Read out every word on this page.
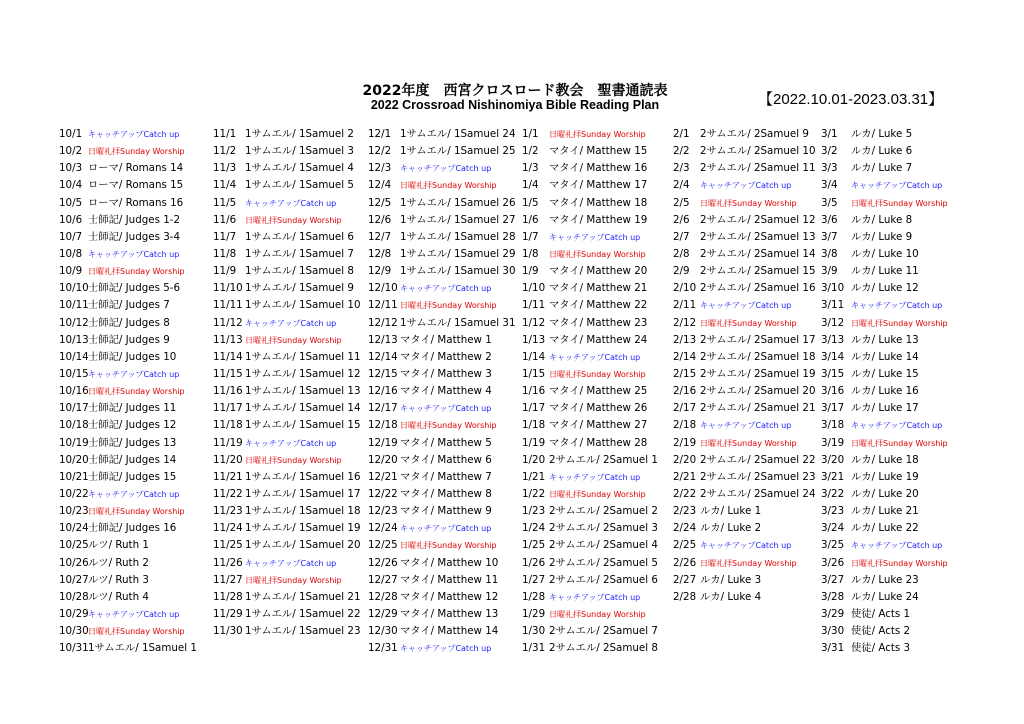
2022年度　西宮クロスロード教会　聖書通読表
2022 Crossroad Nishinomiya Bible Reading Plan	【2022.10.01-2023.03.31】
10/1 キャッチアップCatch up
10/2 日曜礼拝Sunday Worship
10/3 ローマ/ Romans 14
10/4 ローマ/ Romans 15
10/5 ローマ/ Romans 16
10/6 士師記/ Judges 1-2
10/7 士師記/ Judges 3-4
10/8 キャッチアップCatch up
10/9 日曜礼拝Sunday Worship
10/10士師記/ Judges 5-6
10/11士師記/ Judges 7
10/12士師記/ Judges 8
10/13士師記/ Judges 9
10/14士師記/ Judges 10
10/15キャッチアップCatch up
10/16日曜礼拝Sunday Worship
10/17士師記/ Judges 11
10/18士師記/ Judges 12
10/19士師記/ Judges 13
10/20士師記/ Judges 14
10/21士師記/ Judges 15
10/22キャッチアップCatch up
10/23日曜礼拝Sunday Worship
10/24士師記/ Judges 16
10/25ルツ/ Ruth 1
10/26ルツ/ Ruth 2
10/27ルツ/ Ruth 3
10/28ルツ/ Ruth 4
10/29キャッチアップCatch up
10/30日曜礼拝Sunday Worship
10/311サムエル/ 1Samuel 1
11/1 1サムエル/ 1Samuel 2
11/2 1サムエル/ 1Samuel 3
11/3 1サムエル/ 1Samuel 4
11/4 1サムエル/ 1Samuel 5
11/5 キャッチアップCatch up
11/6 日曜礼拝Sunday Worship
11/7 1サムエル/ 1Samuel 6
11/8 1サムエル/ 1Samuel 7
11/9 1サムエル/ 1Samuel 8
11/10 1サムエル/ 1Samuel 9
11/11 1サムエル/ 1Samuel 10
11/12 キャッチアップCatch up
11/13 日曜礼拝Sunday Worship
11/14 1サムエル/ 1Samuel 11
11/15 1サムエル/ 1Samuel 12
11/16 1サムエル/ 1Samuel 13
11/17 1サムエル/ 1Samuel 14
11/18 1サムエル/ 1Samuel 15
11/19 キャッチアップCatch up
11/20 日曜礼拝Sunday Worship
11/21 1サムエル/ 1Samuel 16
11/22 1サムエル/ 1Samuel 17
11/23 1サムエル/ 1Samuel 18
11/24 1サムエル/ 1Samuel 19
11/25 1サムエル/ 1Samuel 20
11/26 キャッチアップCatch up
11/27 日曜礼拝Sunday Worship
11/28 1サムエル/ 1Samuel 21
11/29 1サムエル/ 1Samuel 22
11/30 1サムエル/ 1Samuel 23
12/1 1サムエル/ 1Samuel 24
12/2 1サムエル/ 1Samuel 25
12/3 キャッチアップCatch up
12/4 日曜礼拝Sunday Worship
12/5 1サムエル/ 1Samuel 26
12/6 1サムエル/ 1Samuel 27
12/7 1サムエル/ 1Samuel 28
12/8 1サムエル/ 1Samuel 29
12/9 1サムエル/ 1Samuel 30
12/10 キャッチアップCatch up
12/11 日曜礼拝Sunday Worship
12/12 1サムエル/ 1Samuel 31
12/13 マタイ/ Matthew 1
12/14 マタイ/ Matthew 2
12/15 マタイ/ Matthew 3
12/16 マタイ/ Matthew 4
12/17 キャッチアップCatch up
12/18 日曜礼拝Sunday Worship
12/19 マタイ/ Matthew 5
12/20 マタイ/ Matthew 6
12/21 マタイ/ Matthew 7
12/22 マタイ/ Matthew 8
12/23 マタイ/ Matthew 9
12/24 キャッチアップCatch up
12/25 日曜礼拝Sunday Worship
12/26 マタイ/ Matthew 10
12/27 マタイ/ Matthew 11
12/28 マタイ/ Matthew 12
12/29 マタイ/ Matthew 13
12/30 マタイ/ Matthew 14
12/31 キャッチアップCatch up
1/1 日曜礼拝Sunday Worship
1/2 マタイ/ Matthew 15
1/3 マタイ/ Matthew 16
1/4 マタイ/ Matthew 17
1/5 マタイ/ Matthew 18
1/6 マタイ/ Matthew 19
1/7 キャッチアップCatch up
1/8 日曜礼拝Sunday Worship
1/9 マタイ/ Matthew 20
1/10 マタイ/ Matthew 21
1/11 マタイ/ Matthew 22
1/12 マタイ/ Matthew 23
1/13 マタイ/ Matthew 24
1/14 キャッチアップCatch up
1/15 日曜礼拝Sunday Worship
1/16 マタイ/ Matthew 25
1/17 マタイ/ Matthew 26
1/18 マタイ/ Matthew 27
1/19 マタイ/ Matthew 28
1/20 2サムエル/ 2Samuel 1
1/21 キャッチアップCatch up
1/22 日曜礼拝Sunday Worship
1/23 2サムエル/ 2Samuel 2
1/24 2サムエル/ 2Samuel 3
1/25 2サムエル/ 2Samuel 4
1/26 2サムエル/ 2Samuel 5
1/27 2サムエル/ 2Samuel 6
1/28 キャッチアップCatch up
1/29 日曜礼拝Sunday Worship
1/30 2サムエル/ 2Samuel 7
1/31 2サムエル/ 2Samuel 8
2/1 2サムエル/ 2Samuel 9
2/2 2サムエル/ 2Samuel 10
2/3 2サムエル/ 2Samuel 11
2/4 キャッチアップCatch up
2/5 日曜礼拝Sunday Worship
2/6 2サムエル/ 2Samuel 12
2/7 2サムエル/ 2Samuel 13
2/8 2サムエル/ 2Samuel 14
2/9 2サムエル/ 2Samuel 15
2/10 2サムエル/ 2Samuel 16
2/11 キャッチアップCatch up
2/12 日曜礼拝Sunday Worship
2/13 2サムエル/ 2Samuel 17
2/14 2サムエル/ 2Samuel 18
2/15 2サムエル/ 2Samuel 19
2/16 2サムエル/ 2Samuel 20
2/17 2サムエル/ 2Samuel 21
2/18 キャッチアップCatch up
2/19 日曜礼拝Sunday Worship
2/20 2サムエル/ 2Samuel 22
2/21 2サムエル/ 2Samuel 23
2/22 2サムエル/ 2Samuel 24
2/23 ルカ/ Luke 1
2/24 ルカ/ Luke 2
2/25 キャッチアップCatch up
2/26 日曜礼拝Sunday Worship
2/27 ルカ/ Luke 3
2/28 ルカ/ Luke 4
3/1 ルカ/ Luke 5
3/2 ルカ/ Luke 6
3/3 ルカ/ Luke 7
3/4 キャッチアップCatch up
3/5 日曜礼拝Sunday Worship
3/6 ルカ/ Luke 8
3/7 ルカ/ Luke 9
3/8 ルカ/ Luke 10
3/9 ルカ/ Luke 11
3/10 ルカ/ Luke 12
3/11 キャッチアップCatch up
3/12 日曜礼拝Sunday Worship
3/13 ルカ/ Luke 13
3/14 ルカ/ Luke 14
3/15 ルカ/ Luke 15
3/16 ルカ/ Luke 16
3/17 ルカ/ Luke 17
3/18 キャッチアップCatch up
3/19 日曜礼拝Sunday Worship
3/20 ルカ/ Luke 18
3/21 ルカ/ Luke 19
3/22 ルカ/ Luke 20
3/23 ルカ/ Luke 21
3/24 ルカ/ Luke 22
3/25 キャッチアップCatch up
3/26 日曜礼拝Sunday Worship
3/27 ルカ/ Luke 23
3/28 ルカ/ Luke 24
3/29 使徒/ Acts 1
3/30 使徒/ Acts 2
3/31 使徒/ Acts 3
